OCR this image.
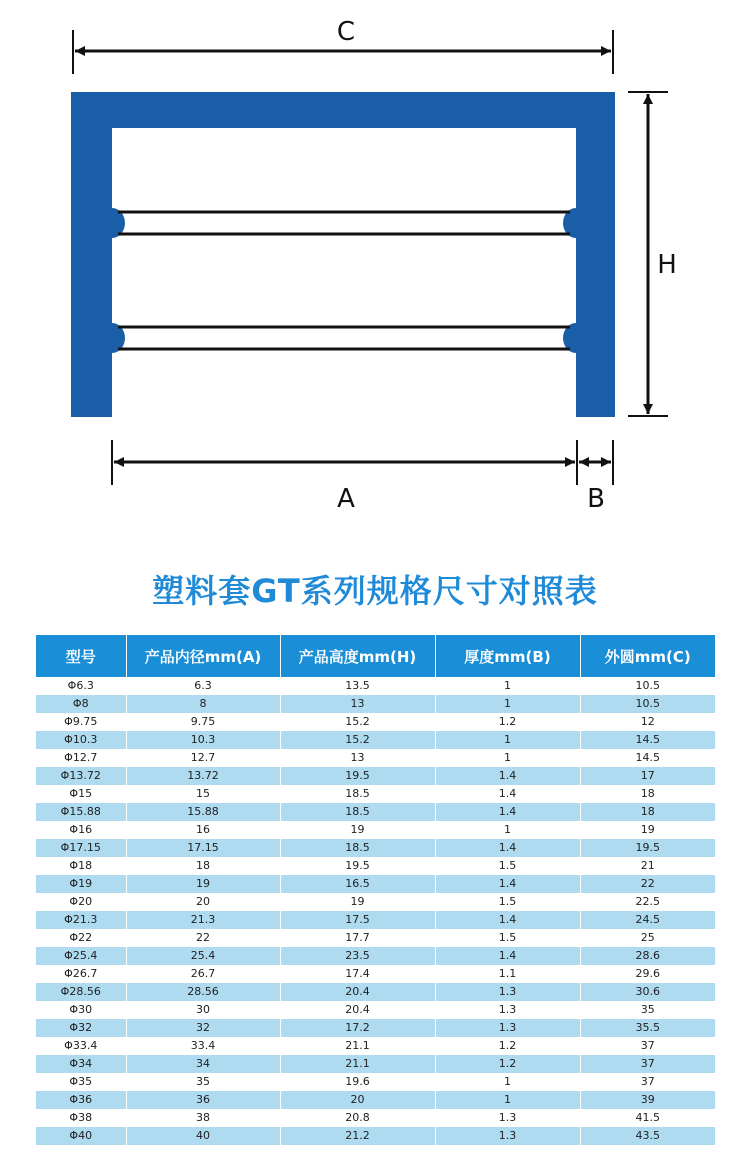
C
H
A	B
塑料套GT系列规格尺寸对照表
型号	产品内径mm(A)	产品高度mm(H)	厚度mm(B)	外圆mm(C)
Φ6.3	6.3	13.5	1	10.5
Φ8	8	13	1	10.5
Φ9.75	9.75	15.2	1.2	12
Φ10.3	10.3	15.2	1	14.5
Φ12.7	12.7	13	1	14.5
Φ13.72	13.72	19.5	1.4	17
Φ15	15	18.5	1.4	18
Φ15.88	15.88	18.5	1.4	18
Φ16	16	19	1	19
Φ17.15	17.15	18.5	1.4	19.5
Φ18	18	19.5	1.5	21
Φ19	19	16.5	1.4	22
Φ20	20	19	1.5	22.5
Φ21.3	21.3	17.5	1.4	24.5
Φ22	22	17.7	1.5	25
Φ25.4	25.4	23.5	1.4	28.6
Φ26.7	26.7	17.4	1.1	29.6
Φ28.56	28.56	20.4	1.3	30.6
Φ30	30	20.4	1.3	35
Φ32	32	17.2	1.3	35.5
Φ33.4	33.4	21.1	1.2	37
Φ34	34	21.1	1.2	37
Φ35	35	19.6	1	37
Φ36	36	20	1	39
Φ38	38	20.8	1.3	41.5
Φ40	40	21.2	1.3	43.5
